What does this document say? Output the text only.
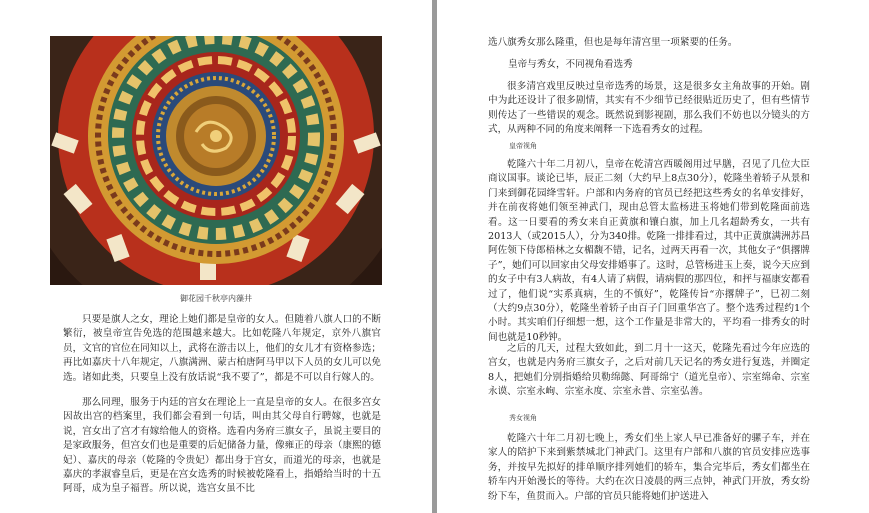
御花园千秋亭内藻井

只要是旗人之女，理论上她们都是皇帝的女人。但随着八旗人口的不断繁衍，被皇帝宣告免选的范围越来越大。比如乾隆八年规定，京外八旗官员，文官的官位在同知以上，武将在游击以上，他们的女儿才有资格参选；再比如嘉庆十八年规定，八旗满洲、蒙古柏唐阿马甲以下人员的女儿可以免选。诸如此类，只要皇上没有放话说“我不要了”，都是不可以自行嫁人的。

那么同理，服务于内廷的宫女在理论上一直是皇帝的女人。在很多宫女因故出宫的档案里，我们都会看到一句话，叫由其父母自行聘嫁，也就是说，宫女出了宫才有嫁给他人的资格。选看内务府三旗女子，虽说主要目的是家政服务，但宫女们也是重要的后妃储备力量，像雍正的母亲（康熙的德妃）、嘉庆的母亲（乾隆的令贵妃）都出身于宫女，而道光的母亲，也就是嘉庆的孝淑睿皇后，更是在宫女选秀的时候被乾隆看上，指婚给当时的十五阿哥，成为皇子福晋。所以说，选宫女虽不比

选八旗秀女那么隆重，但也是每年清宫里一项紧要的任务。

皇帝与秀女，不同视角看选秀

很多清宫戏里反映过皇帝选秀的场景，这是很多女主角故事的开始。剧中为此还设计了很多剧情，其实有不少细节已经很贴近历史了，但有些情节则传达了一些错误的观念。既然说到影视剧，那么我们不妨也以分镜头的方式，从两种不同的角度来阐释一下选看秀女的过程。

皇帝视角

乾隆六十年二月初八，皇帝在乾清宫西暖阁用过早膳，召见了几位大臣商议国事。谈论已毕，辰正二刻（大约早上8点30分），乾隆坐着轿子从景和门来到御花园绛雪轩。户部和内务府的官员已经把这些秀女的名单安排好，并在前夜将她们领至神武门，现由总管太监杨进玉将她们带到乾隆面前选看。这一日要看的秀女来自正黄旗和镶白旗，加上几名超龄秀女，一共有2013人（或2015人），分为340排。乾隆一排排看过，其中正黄旗满洲苏昌阿佐领下侍郎梧林之女楣馥不错，记名，过两天再看一次，其他女子“俱撂牌子”，她们可以回家由父母安排婚事了。这时，总管杨进玉上奏，说今天应到的女子中有3人病故，有4人请了病假，请病假的那四位，和抨与福康安都看过了，他们说“实系真病，生的不慎好”，乾隆传旨“亦撂牌子”，巳初二刻（大约9点30分），乾隆坐着轿子由百子门回重华宫了。整个选秀过程约1个小时。其实咱们仔细想一想，这个工作量是非常大的，平均看一排秀女的时间也就是10秒钟。

之后的几天，过程大致如此，到二月十一这天，乾隆先看过今年应选的宫女，也就是内务府三旗女子，之后对前几天记名的秀女进行复选，并圈定8人，把她们分别指婚给贝勒绵懿、阿哥绵宁（道光皇帝）、宗室绵命、宗室永谟、宗室永峋、宗室永度、宗室永普、宗室弘善。

秀女视角

乾隆六十年二月初七晚上，秀女们坐上家人早已准备好的骡子车，并在家人的陪护下来到紫禁城北门神武门。这里有户部和八旗的官员安排应选事务，并按早先拟好的排单顺序排列她们的轿车，集合完毕后，秀女们都坐在轿车内开始漫长的等待。大约在次日凌晨的两三点钟，神武门开放，秀女纷纷下车，鱼贯而入。户部的官员只能将她们护送进入
